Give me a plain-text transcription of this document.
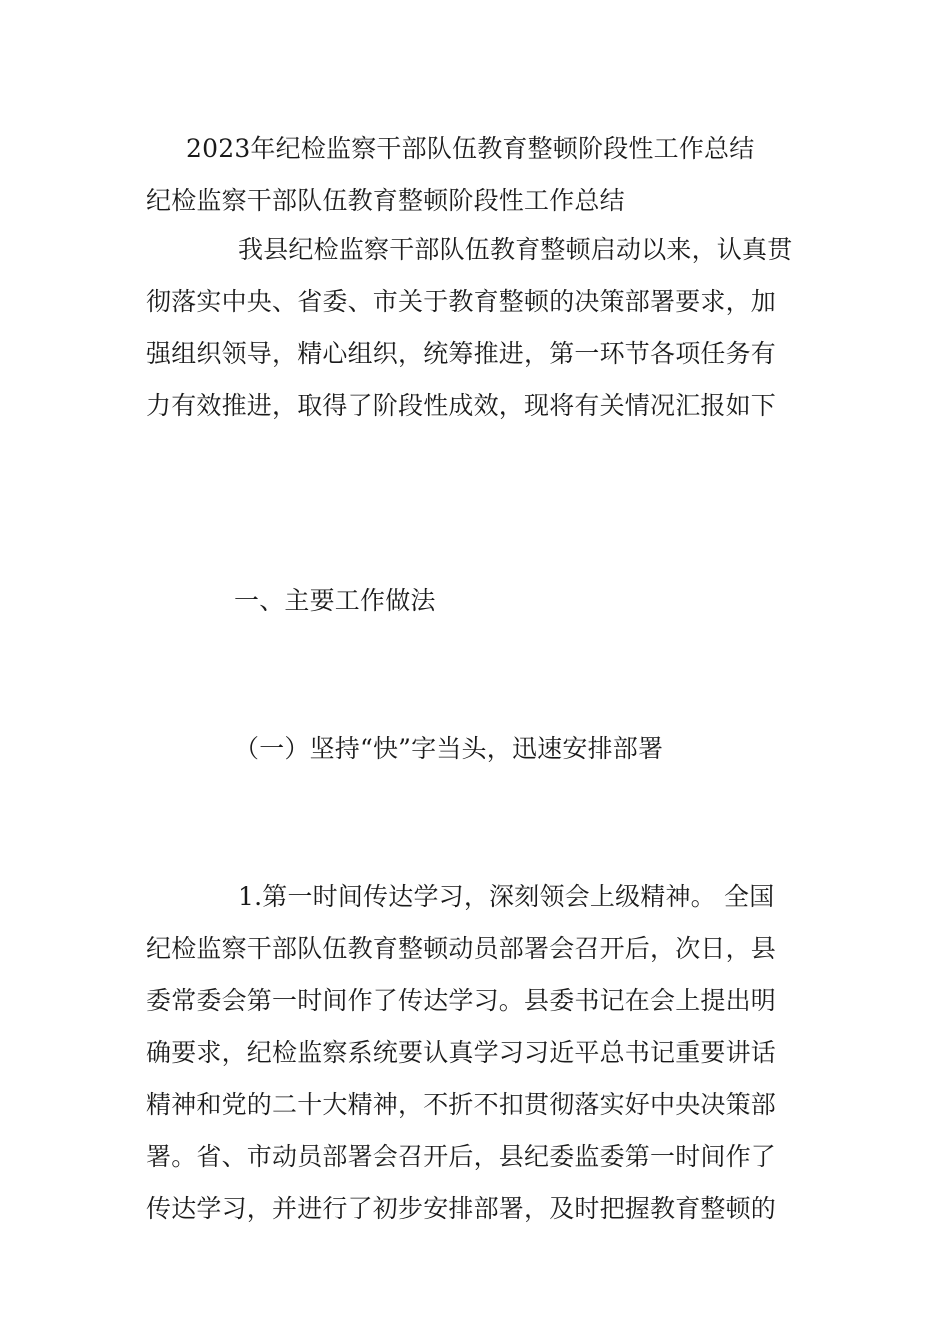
2023年纪检监察干部队伍教育整顿阶段性工作总结
纪检监察干部队伍教育整顿阶段性工作总结
我县纪检监察干部队伍教育整顿启动以来，认真贯
彻落实中央、省委、市关于教育整顿的决策部署要求，加
强组织领导，精心组织，统筹推进，第一环节各项任务有
力有效推进，取得了阶段性成效，现将有关情况汇报如下
一、主要工作做法
（一）坚持“快”字当头，迅速安排部署
1.第一时间传达学习，深刻领会上级精神。 全国
纪检监察干部队伍教育整顿动员部署会召开后，次日，县
委常委会第一时间作了传达学习。县委书记在会上提出明
确要求，纪检监察系统要认真学习习近平总书记重要讲话
精神和党的二十大精神，不折不扣贯彻落实好中央决策部
署。省、市动员部署会召开后，县纪委监委第一时间作了
传达学习，并进行了初步安排部署，及时把握教育整顿的
